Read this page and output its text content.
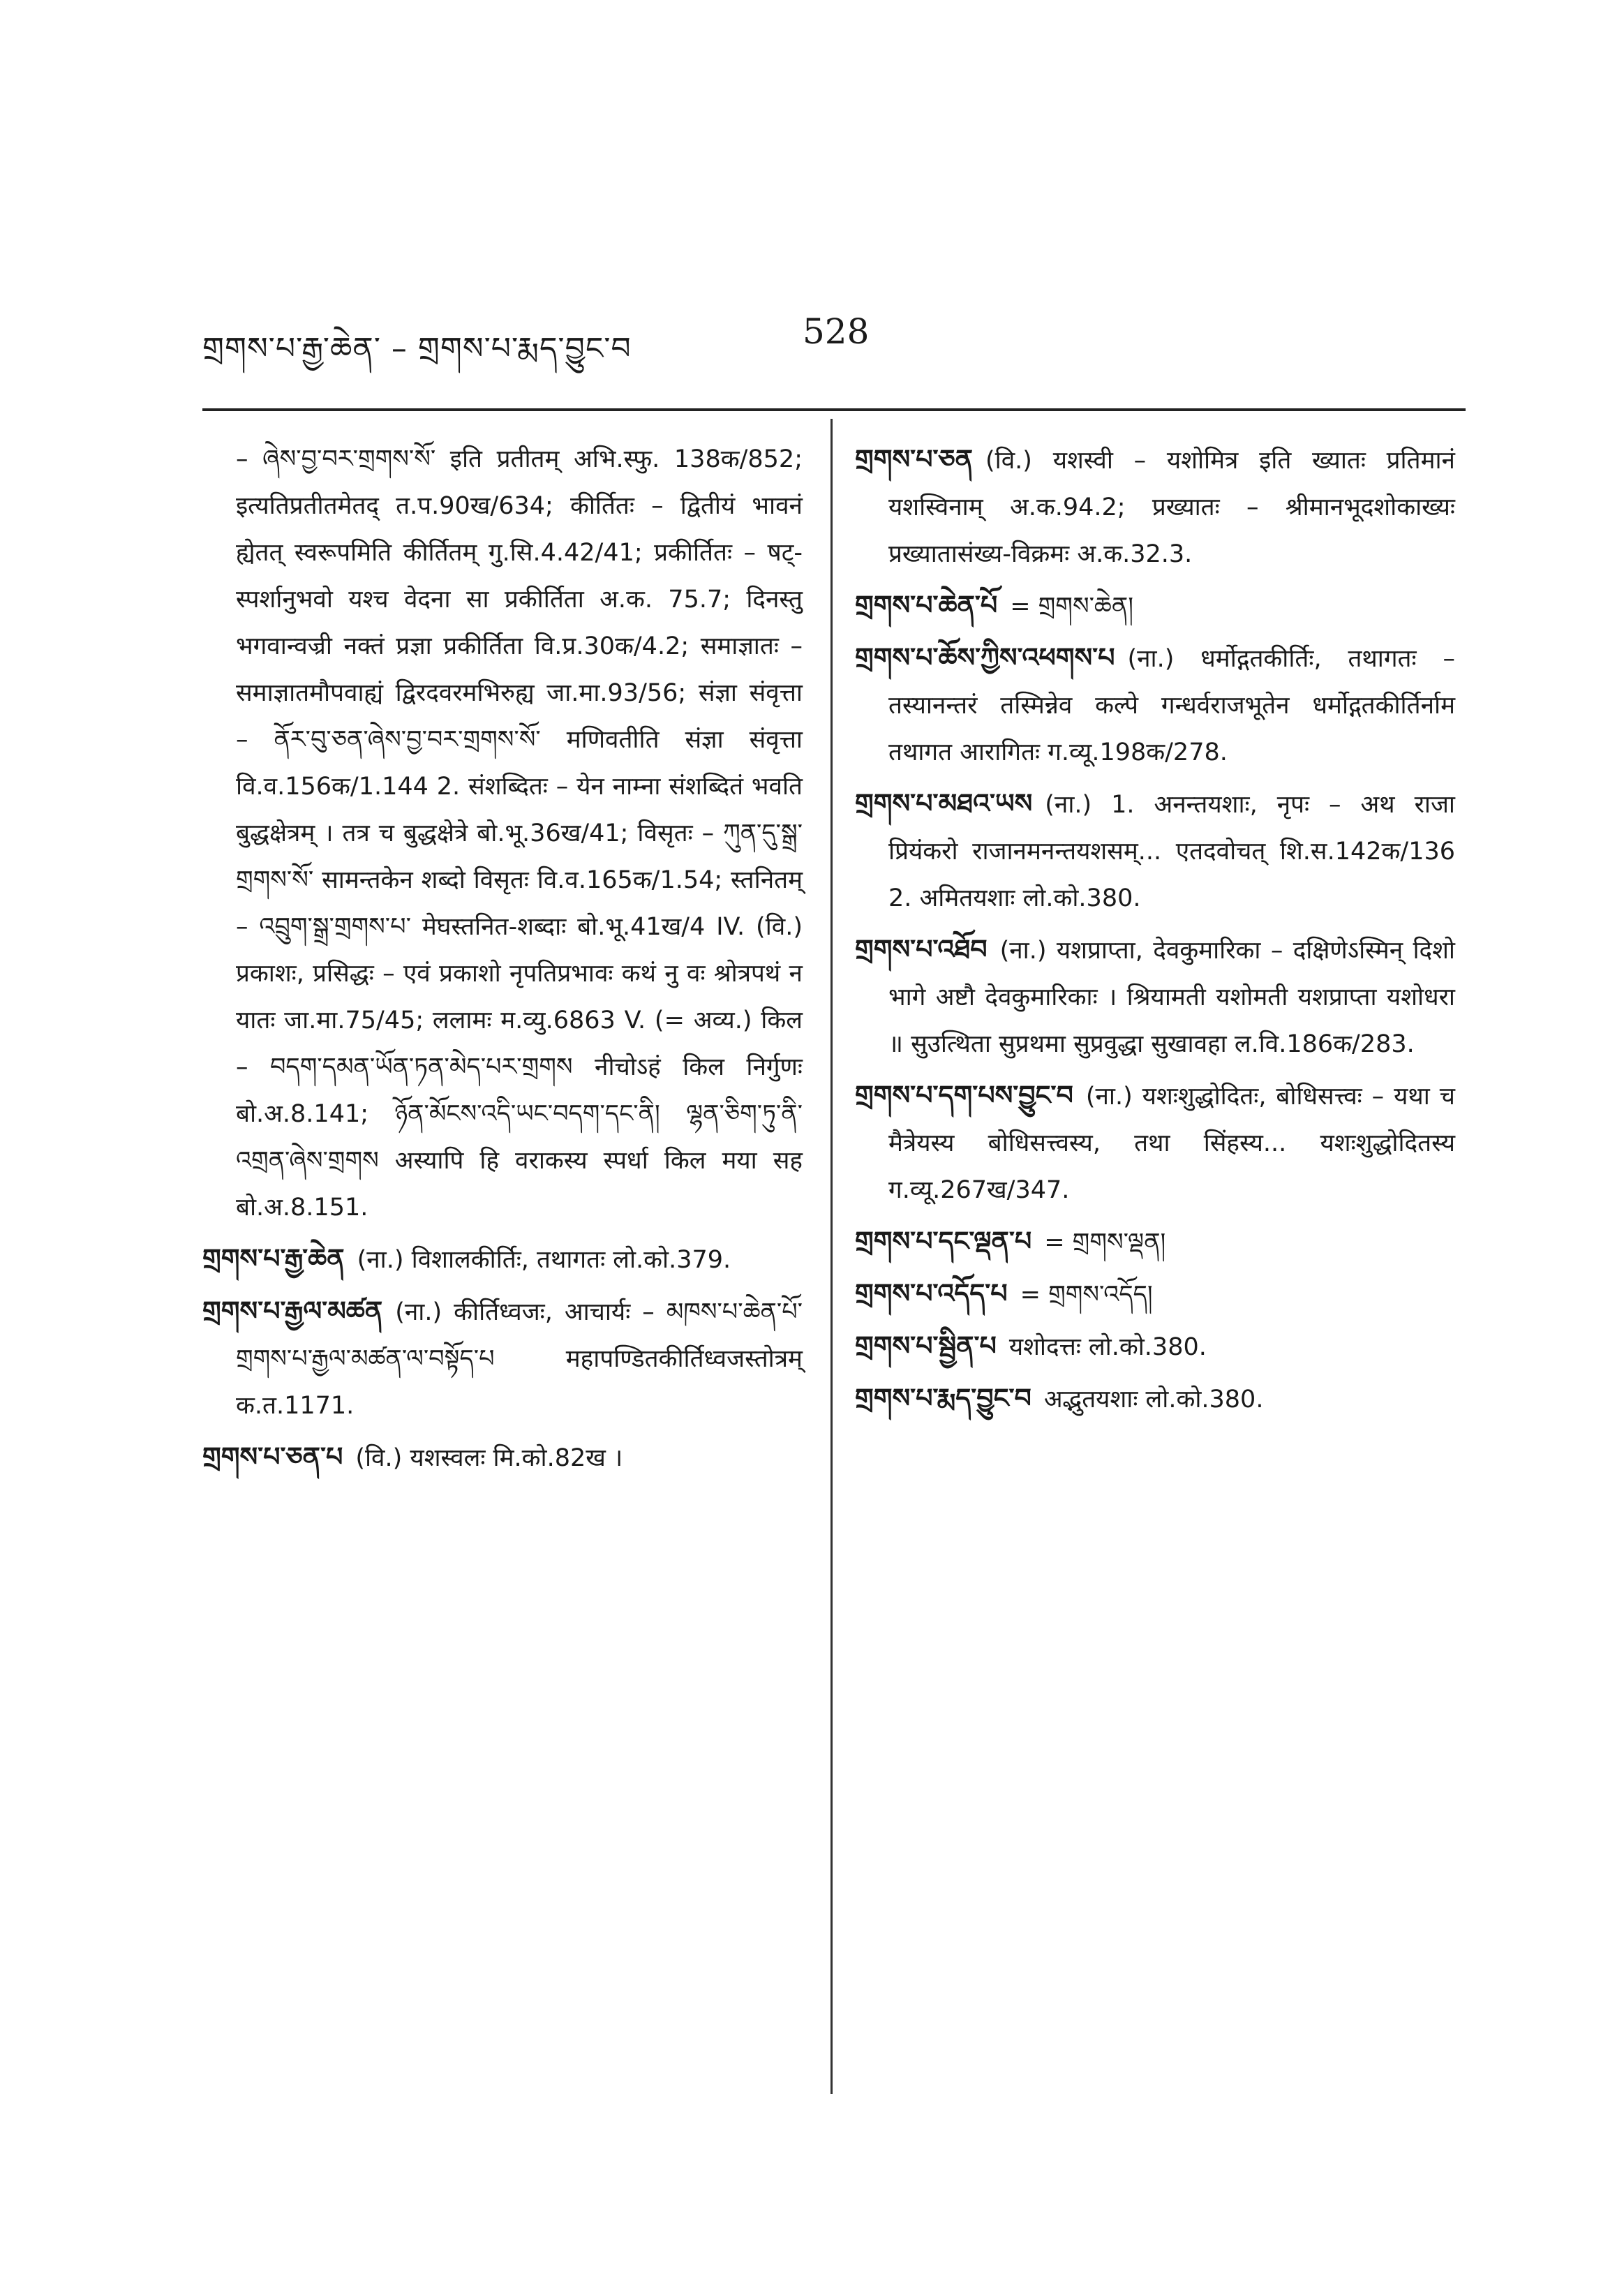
གྲགས་པ་རྒྱ་ཆེན་ – གྲགས་པ་རྨད་བྱུང་བ	528

– ཞེས་བྱ་བར་གྲགས་སོ་ इति प्रतीतम् अभि.स्फु. 138क/852; इत्यतिप्रतीतमेतद् त.प.90ख/634; कीर्तितः – द्वितीयं भावनं ह्येतत् स्वरूपमिति कीर्तितम् गु.सि.4.42/41; प्रकीर्तितः – षट्-स्पर्शानुभवो यश्च वेदना सा प्रकीर्तिता अ.क. 75.7; दिनस्तु भगवान्वज्री नक्तं प्रज्ञा प्रकीर्तिता वि.प्र.30क/4.2; समाज्ञातः – समाज्ञातमौपवाह्यं द्विरदवरमभिरुह्य जा.मा.93/56; संज्ञा संवृत्ता – ནོར་བུ་ཅན་ཞེས་བྱ་བར་གྲགས་སོ་ मणिवतीति संज्ञा संवृत्ता वि.व.156क/1.144 2. संशब्दितः – येन नाम्ना संशब्दितं भवति बुद्धक्षेत्रम् । तत्र च बुद्धक्षेत्रे बो.भू.36ख/41; विसृतः – ཀུན་དུ་སྒྲ་གྲགས་སོ་ सामन्तकेन शब्दो विसृतः वि.व.165क/1.54; स्तनितम् – འབྲུག་སྒྲ་གྲགས་པ་ मेघस्तनित-शब्दाः बो.भू.41ख/4 IV. (वि.) प्रकाशः, प्रसिद्धः – एवं प्रकाशो नृपतिप्रभावः कथं नु वः श्रोत्रपथं न यातः जा.मा.75/45; ललामः म.व्यु.6863 V. (= अव्य.) किल – བདག་དམན་ཡོན་ཏན་མེད་པར་གྲགས नीचोऽहं किल निर्गुणः बो.अ.8.141; ཉོན་མོངས་འདི་ཡང་བདག་དང་ནི། ལྷན་ཅིག་ཏུ་ནི་འགྲན་ཞེས་གྲགས अस्यापि हि वराकस्य स्पर्धा किल मया सह बो.अ.8.151.

གྲགས་པ་རྒྱ་ཆེན (ना.) विशालकीर्तिः, तथागतः लो.को.379.

གྲགས་པ་རྒྱལ་མཚན (ना.) कीर्तिध्वजः, आचार्यः – མཁས་པ་ཆེན་པོ་གྲགས་པ་རྒྱལ་མཚན་ལ་བསྟོད་པ महापण्डितकीर्तिध्वजस्तोत्रम् क.त.1171.

གྲགས་པ་ཅན་པ (वि.) यशस्वलः मि.को.82ख ।

གྲགས་པ་ཅན (वि.) यशस्वी – यशोमित्र इति ख्यातः प्रतिमानं यशस्विनाम् अ.क.94.2; प्रख्यातः – श्रीमानभूदशोकाख्यः प्रख्यातासंख्य-विक्रमः अ.क.32.3.

གྲགས་པ་ཆེན་པོ = གྲགས་ཆེན།

གྲགས་པ་ཆོས་ཀྱིས་འཕགས་པ (ना.) धर्मोद्गतकीर्तिः, तथागतः – तस्यानन्तरं तस्मिन्नेव कल्पे गन्धर्वराजभूतेन धर्मोद्गतकीर्तिर्नाम तथागत आरागितः ग.व्यू.198क/278.

གྲགས་པ་མཐའ་ཡས (ना.) 1. अनन्तयशाः, नृपः – अथ राजा प्रियंकरो राजानमनन्तयशसम्... एतदवोचत् शि.स.142क/136 2. अमितयशाः लो.को.380.

གྲགས་པ་འཐོབ (ना.) यशप्राप्ता, देवकुमारिका – दक्षिणेऽस्मिन् दिशो भागे अष्टौ देवकुमारिकाः । श्रियामती यशोमती यशप्राप्ता यशोधरा ॥ सुउत्थिता सुप्रथमा सुप्रवुद्धा सुखावहा ल.वि.186क/283.

གྲགས་པ་དག་པས་བྱུང་བ (ना.) यशःशुद्धोदितः, बोधिसत्त्वः – यथा च मैत्रेयस्य बोधिसत्त्वस्य, तथा सिंहस्य... यशःशुद्धोदितस्य ग.व्यू.267ख/347.

གྲགས་པ་དང་ལྡན་པ = གྲགས་ལྡན།

གྲགས་པ་འདོད་པ = གྲགས་འདོད།

གྲགས་པ་སྦྱིན་པ यशोदत्तः लो.को.380.

གྲགས་པ་རྨད་བྱུང་བ अद्भुतयशाः लो.को.380.
